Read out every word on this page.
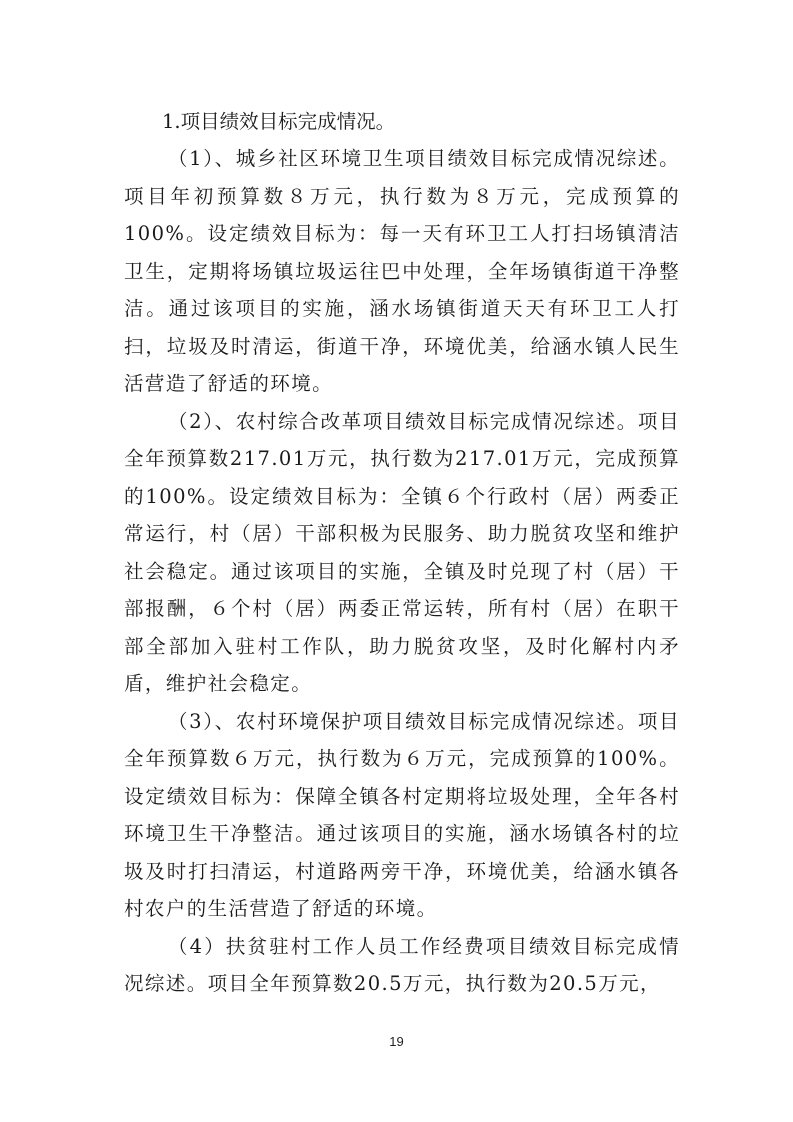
1.项目绩效目标完成情况。

（1）、城乡社区环境卫生项目绩效目标完成情况综述。项目年初预算数８万元，执行数为８万元，完成预算的100%。设定绩效目标为：每一天有环卫工人打扫场镇清洁卫生，定期将场镇垃圾运往巴中处理，全年场镇街道干净整洁。通过该项目的实施，涵水场镇街道天天有环卫工人打扫，垃圾及时清运，街道干净，环境优美，给涵水镇人民生活营造了舒适的环境。

（2）、农村综合改革项目绩效目标完成情况综述。项目全年预算数217.01万元，执行数为217.01万元，完成预算的100%。设定绩效目标为：全镇６个行政村（居）两委正常运行，村（居）干部积极为民服务、助力脱贫攻坚和维护社会稳定。通过该项目的实施，全镇及时兑现了村（居）干部报酬，６个村（居）两委正常运转，所有村（居）在职干部全部加入驻村工作队，助力脱贫攻坚，及时化解村内矛盾，维护社会稳定。

（3）、农村环境保护项目绩效目标完成情况综述。项目全年预算数６万元，执行数为６万元，完成预算的100%。设定绩效目标为：保障全镇各村定期将垃圾处理，全年各村环境卫生干净整洁。通过该项目的实施，涵水场镇各村的垃圾及时打扫清运，村道路两旁干净，环境优美，给涵水镇各村农户的生活营造了舒适的环境。

（4）扶贫驻村工作人员工作经费项目绩效目标完成情况综述。项目全年预算数20.5万元，执行数为20.5万元，

19
